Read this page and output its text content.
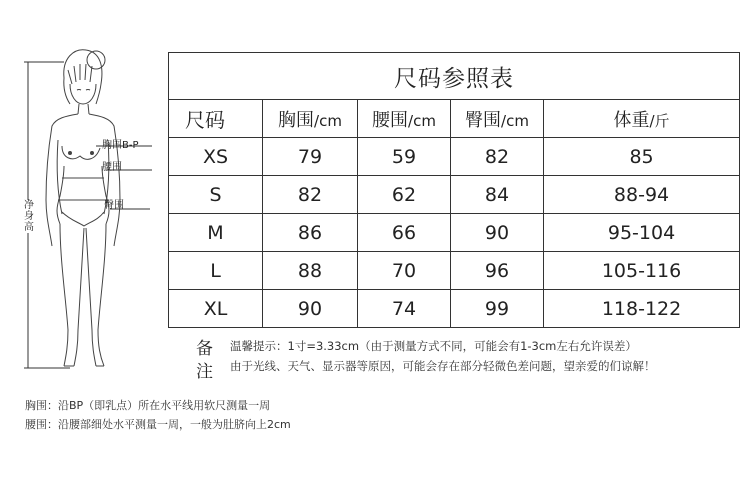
胸围B-P
腰围
臀围
净身高
尺码参照表				
尺码	胸围/cm	腰围/cm	臀围/cm	体重/斤
XS	79	59	82	85
S	82	62	84	88-94
M	86	66	90	95-104
L	88	70	96	105-116
XL	90	74	99	118-122
备
注
温馨提示：1寸=3.33cm（由于测量方式不同，可能会有1-3cm左右允许误差）
由于光线、天气、显示器等原因，可能会存在部分轻微色差问题，望亲爱的们谅解！
胸围：沿BP（即乳点）所在水平线用软尺测量一周
腰围：沿腰部细处水平测量一周，一般为肚脐向上2cm
